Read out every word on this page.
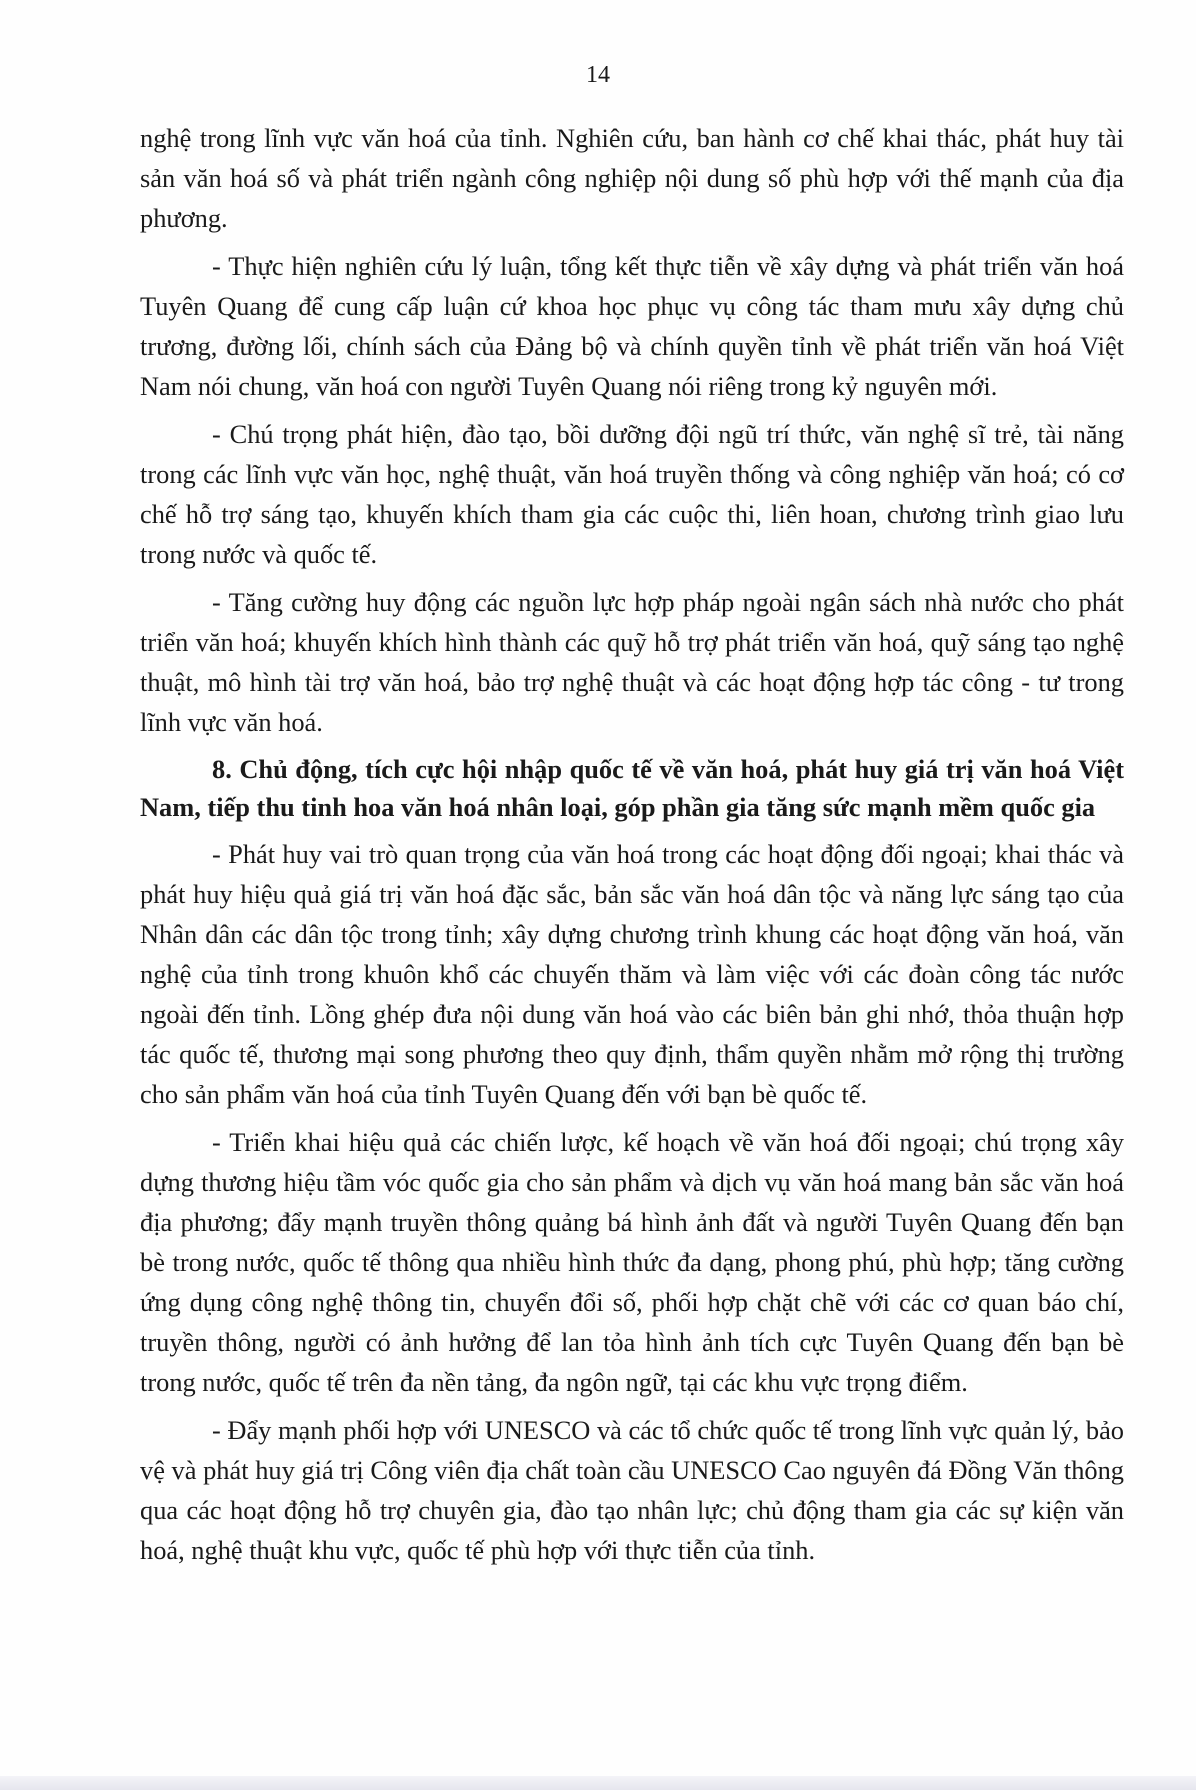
14

nghệ trong lĩnh vực văn hoá của tỉnh. Nghiên cứu, ban hành cơ chế khai thác, phát huy tài sản văn hoá số và phát triển ngành công nghiệp nội dung số phù hợp với thế mạnh của địa phương.

- Thực hiện nghiên cứu lý luận, tổng kết thực tiễn về xây dựng và phát triển văn hoá Tuyên Quang để cung cấp luận cứ khoa học phục vụ công tác tham mưu xây dựng chủ trương, đường lối, chính sách của Đảng bộ và chính quyền tỉnh về phát triển văn hoá Việt Nam nói chung, văn hoá con người Tuyên Quang nói riêng trong kỷ nguyên mới.

- Chú trọng phát hiện, đào tạo, bồi dưỡng đội ngũ trí thức, văn nghệ sĩ trẻ, tài năng trong các lĩnh vực văn học, nghệ thuật, văn hoá truyền thống và công nghiệp văn hoá; có cơ chế hỗ trợ sáng tạo, khuyến khích tham gia các cuộc thi, liên hoan, chương trình giao lưu trong nước và quốc tế.

- Tăng cường huy động các nguồn lực hợp pháp ngoài ngân sách nhà nước cho phát triển văn hoá; khuyến khích hình thành các quỹ hỗ trợ phát triển văn hoá, quỹ sáng tạo nghệ thuật, mô hình tài trợ văn hoá, bảo trợ nghệ thuật và các hoạt động hợp tác công - tư trong lĩnh vực văn hoá.

8. Chủ động, tích cực hội nhập quốc tế về văn hoá, phát huy giá trị văn hoá Việt Nam, tiếp thu tinh hoa văn hoá nhân loại, góp phần gia tăng sức mạnh mềm quốc gia

- Phát huy vai trò quan trọng của văn hoá trong các hoạt động đối ngoại; khai thác và phát huy hiệu quả giá trị văn hoá đặc sắc, bản sắc văn hoá dân tộc và năng lực sáng tạo của Nhân dân các dân tộc trong tỉnh; xây dựng chương trình khung các hoạt động văn hoá, văn nghệ của tỉnh trong khuôn khổ các chuyến thăm và làm việc với các đoàn công tác nước ngoài đến tỉnh. Lồng ghép đưa nội dung văn hoá vào các biên bản ghi nhớ, thỏa thuận hợp tác quốc tế, thương mại song phương theo quy định, thẩm quyền nhằm mở rộng thị trường cho sản phẩm văn hoá của tỉnh Tuyên Quang đến với bạn bè quốc tế.

- Triển khai hiệu quả các chiến lược, kế hoạch về văn hoá đối ngoại; chú trọng xây dựng thương hiệu tầm vóc quốc gia cho sản phẩm và dịch vụ văn hoá mang bản sắc văn hoá địa phương; đẩy mạnh truyền thông quảng bá hình ảnh đất và người Tuyên Quang đến bạn bè trong nước, quốc tế thông qua nhiều hình thức đa dạng, phong phú, phù hợp; tăng cường ứng dụng công nghệ thông tin, chuyển đổi số, phối hợp chặt chẽ với các cơ quan báo chí, truyền thông, người có ảnh hưởng để lan tỏa hình ảnh tích cực Tuyên Quang đến bạn bè trong nước, quốc tế trên đa nền tảng, đa ngôn ngữ, tại các khu vực trọng điểm.

- Đẩy mạnh phối hợp với UNESCO và các tổ chức quốc tế trong lĩnh vực quản lý, bảo vệ và phát huy giá trị Công viên địa chất toàn cầu UNESCO Cao nguyên đá Đồng Văn thông qua các hoạt động hỗ trợ chuyên gia, đào tạo nhân lực; chủ động tham gia các sự kiện văn hoá, nghệ thuật khu vực, quốc tế phù hợp với thực tiễn của tỉnh.
